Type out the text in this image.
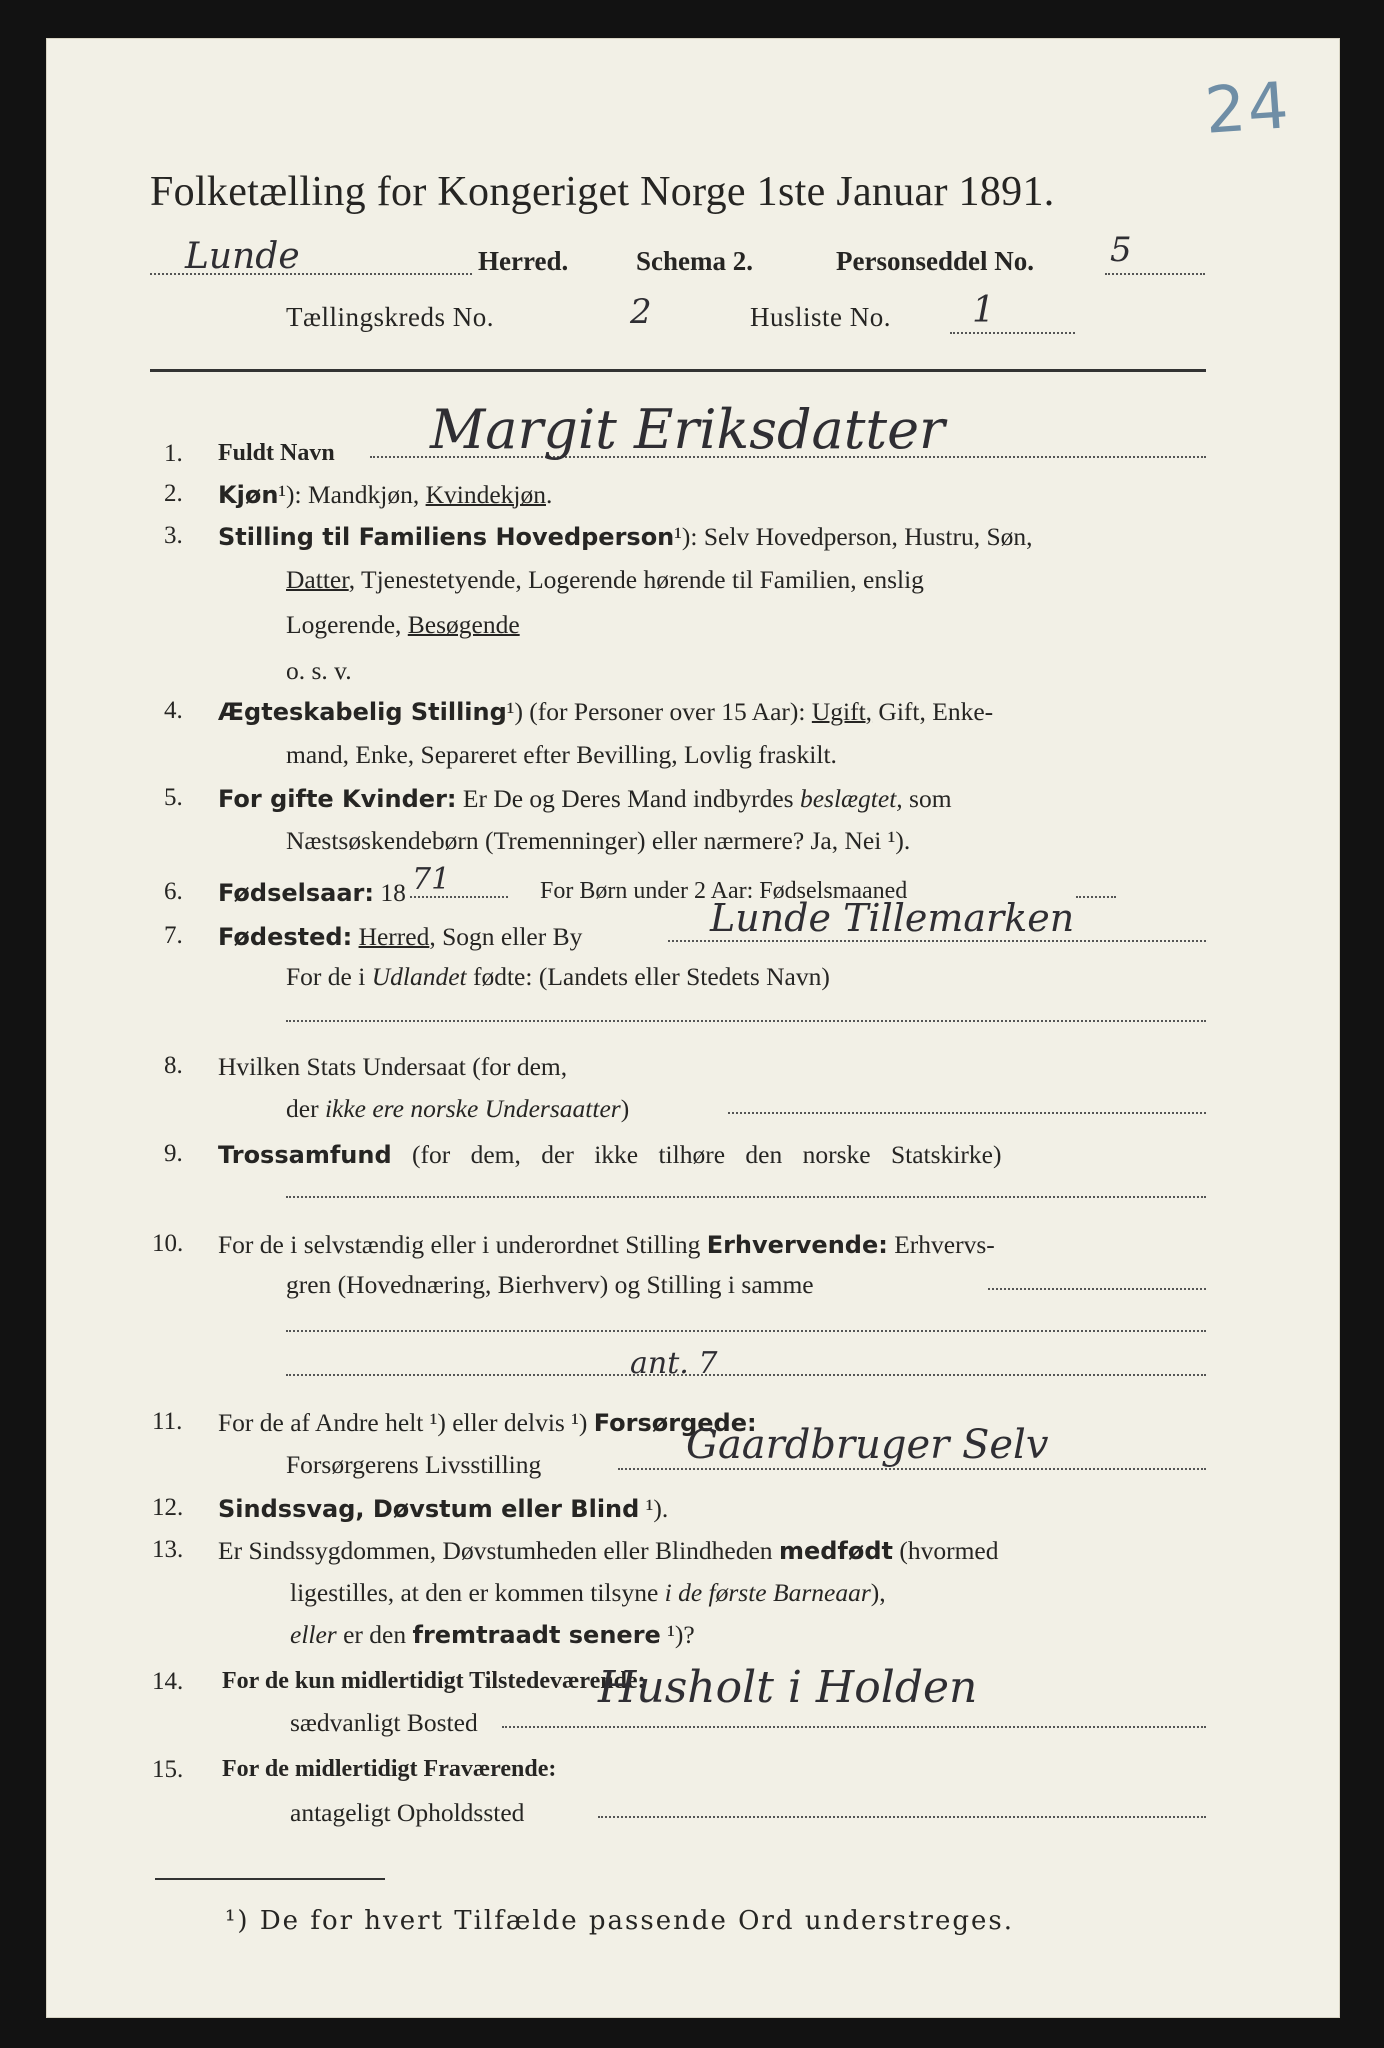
24
Folketælling for Kongeriget Norge 1ste Januar 1891.
Lunde	Herred.	Schema 2.	Personseddel No. 5
Tællingskreds No.	2	Husliste No. 1
1. Fuldt Navn Margit Eriksdatter
2. Kjøn¹): Mandkjøn, Kvindekjøn.
3. Stilling til Familiens Hovedperson¹): Selv Hovedperson, Hustru, Søn,
Datter, Tjenestetyende, Logerende hørende til Familien, enslig
Logerende, Besøgende
o. s. v.
4. Ægteskabelig Stilling¹) (for Personer over 15 Aar): Ugift, Gift, Enke-
mand, Enke, Separeret efter Bevilling, Lovlig fraskilt.
5. For gifte Kvinder: Er De og Deres Mand indbyrdes beslægtet, som
Næstsøskendebørn (Tremenninger) eller nærmere? Ja, Nei ¹).
6. Fødselsaar: 18 71	For Børn under 2 Aar: Fødselsmaaned
7. Fødested: Herred, Sogn eller By	Lunde Tillemarken
For de i Udlandet fødte: (Landets eller Stedets Navn)
8. Hvilken Stats Undersaat (for dem,
der ikke ere norske Undersaatter)
9. Trossamfund (for dem, der ikke tilhøre den norske Statskirke)
10. For de i selvstændig eller i underordnet Stilling Erhvervende: Erhvervs-
gren (Hovednæring, Bierhverv) og Stilling i samme
ant. 7
11. For de af Andre helt ¹) eller delvis ¹) Forsørgede:
Forsørgerens Livsstilling	Gaardbruger Selv
12. Sindssvag, Døvstum eller Blind ¹).
13. Er Sindssygdommen, Døvstumheden eller Blindheden medfødt (hvormed
ligestilles, at den er kommen tilsyne i de første Barneaar),
eller er den fremtraadt senere ¹)?
14. For de kun midlertidigt Tilstedeværende:
sædvanligt Bosted
Husholt i Holden
15. For de midlertidigt Fraværende:
antageligt Opholdssted
¹) De for hvert Tilfælde passende Ord understreges.
